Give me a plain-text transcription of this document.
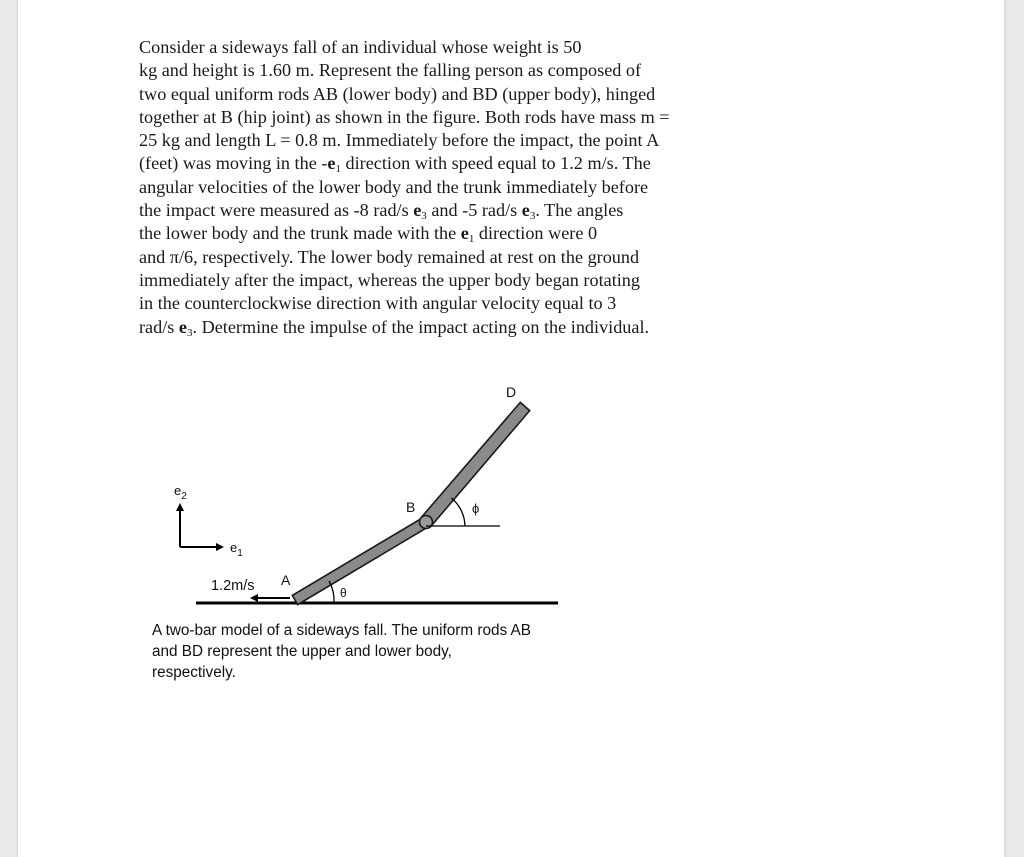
Consider a sideways fall of an individual whose weight is 50
kg and height is 1.60 m. Represent the falling person as composed of
two equal uniform rods AB (lower body) and BD (upper body), hinged
together at B (hip joint) as shown in the figure. Both rods have mass m =
25 kg and length L = 0.8 m. Immediately before the impact, the point A
(feet) was moving in the $-e_1$ direction with speed equal to 1.2 m/s. The
angular velocities of the lower body and the trunk immediately before
the impact were measured as -8 rad/s $e_3$ and -5 rad/s $e_3$. The angles
the lower body and the trunk made with the $e_1$ direction were 0
and π/6, respectively. The lower body remained at rest on the ground
immediately after the impact, whereas the upper body began rotating
in the counterclockwise direction with angular velocity equal to 3
rad/s $e_3$. Determine the impulse of the impact acting on the individual.
$e_2$
$e_1$
D
B
A
ϕ
θ
1.2m/s
A two-bar model of a sideways fall. The uniform rods AB
and BD represent the upper and lower body,
respectively.
